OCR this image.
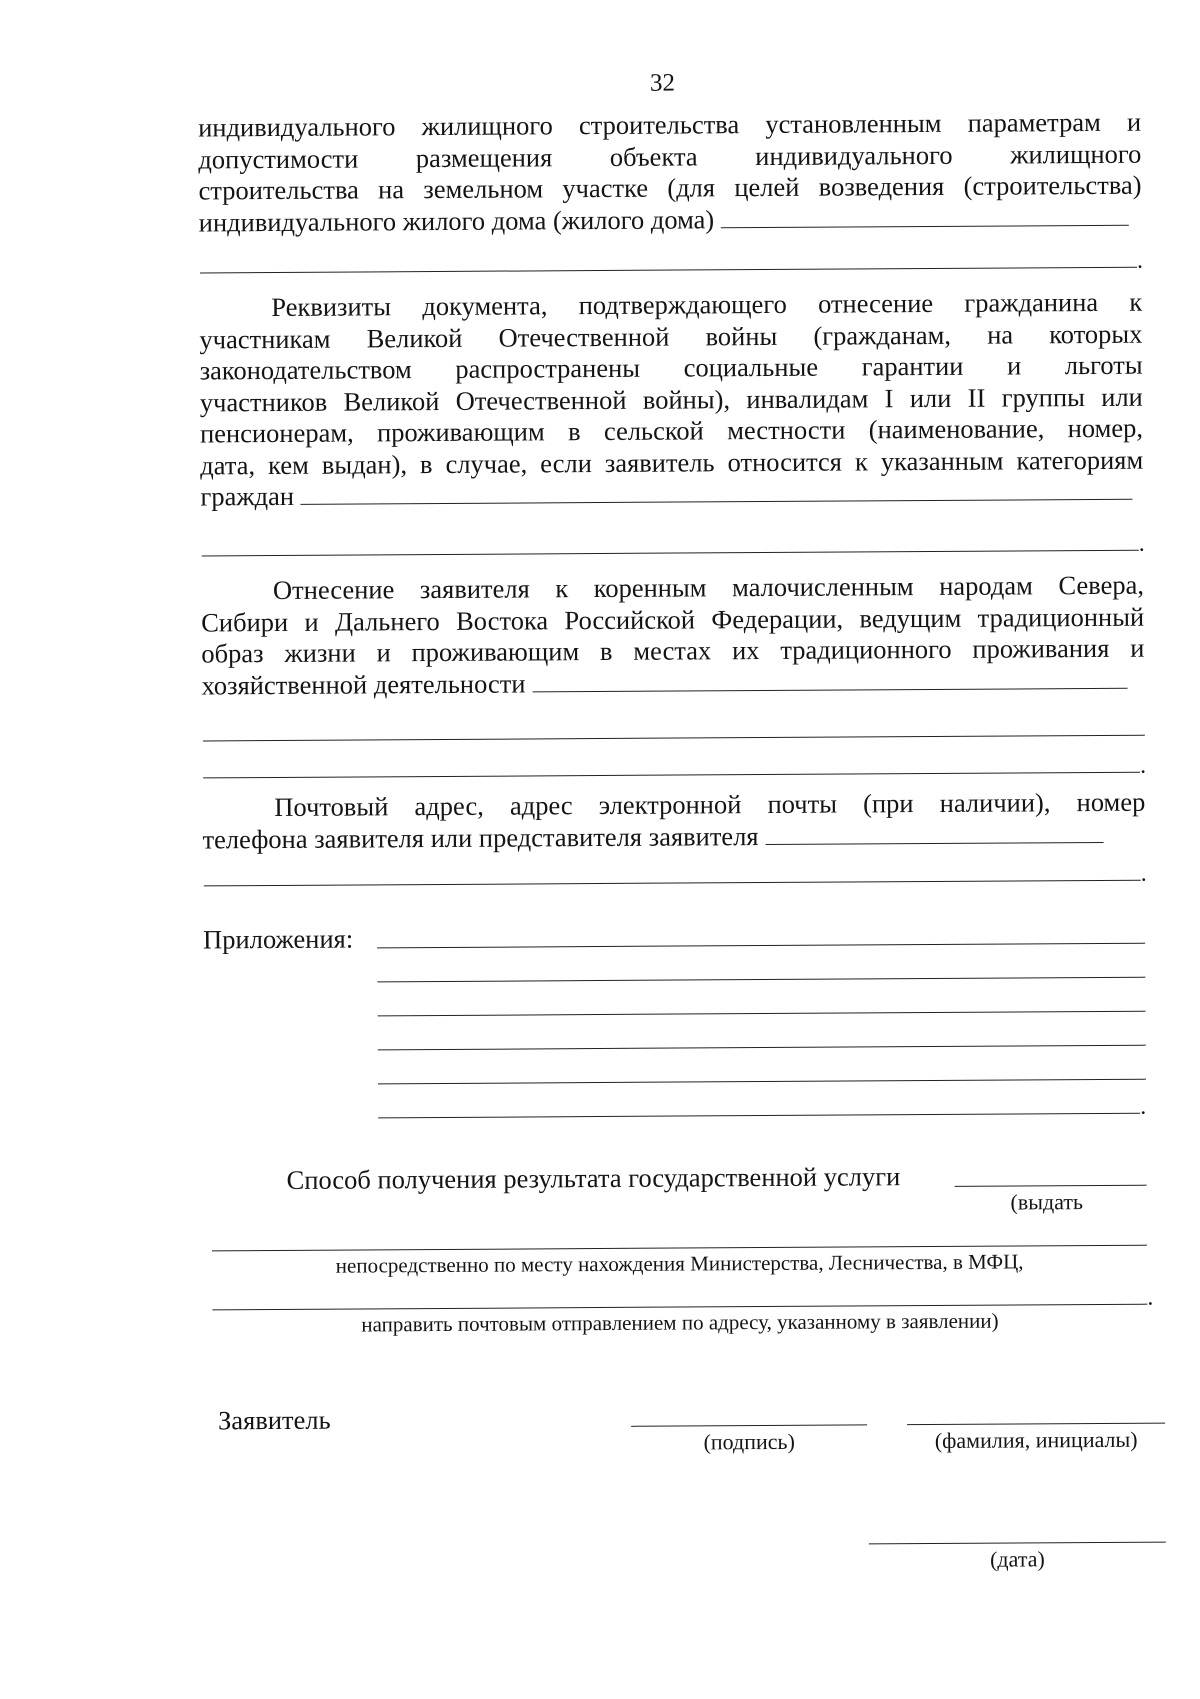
32
индивидуального жилищного строительства установленным параметрам и
допустимости размещения объекта индивидуального жилищного
строительства на земельном участке (для целей возведения (строительства)
индивидуального жилого дома (жилого дома)
.
Реквизиты документа, подтверждающего отнесение гражданина к
участникам Великой Отечественной войны (гражданам, на которых
законодательством распространены социальные гарантии и льготы
участников Великой Отечественной войны), инвалидам I или II группы или
пенсионерам, проживающим в сельской местности (наименование, номер,
дата, кем выдан), в случае, если заявитель относится к указанным категориям
граждан
.
Отнесение заявителя к коренным малочисленным народам Севера,
Сибири и Дальнего Востока Российской Федерации, ведущим традиционный
образ жизни и проживающим в местах их традиционного проживания и
хозяйственной деятельности
.
Почтовый адрес, адрес электронной почты (при наличии), номер
телефона заявителя или представителя заявителя
.
Приложения:
.
Способ получения результата государственной услуги
(выдать
непосредственно по месту нахождения Министерства, Лесничества, в МФЦ,
.
направить почтовым отправлением по адресу, указанному в заявлении)
Заявитель
(подпись)	(фамилия, инициалы)
(дата)
